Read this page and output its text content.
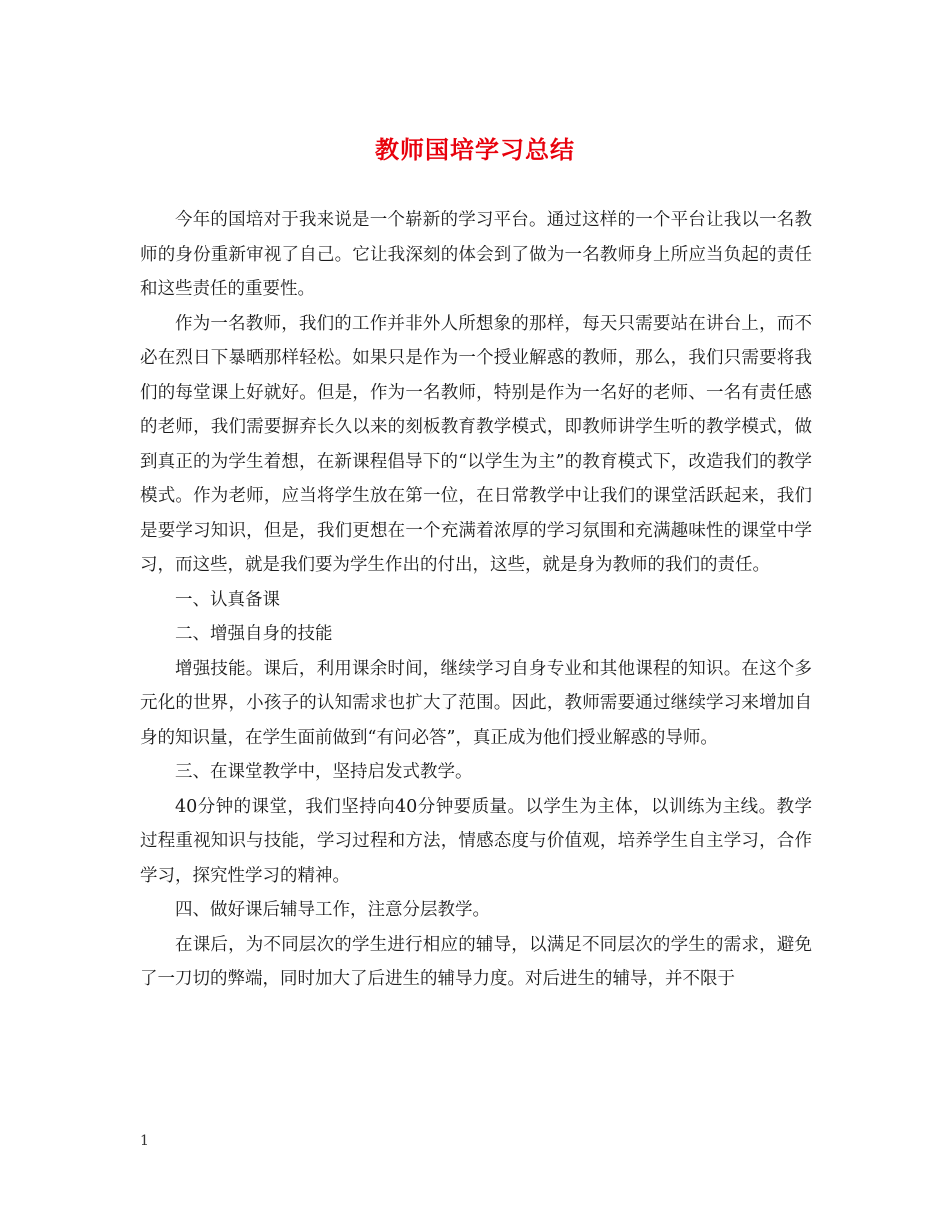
教师国培学习总结

今年的国培对于我来说是一个崭新的学习平台。通过这样的一个平台让我以一名教师的身份重新审视了自己。它让我深刻的体会到了做为一名教师身上所应当负起的责任和这些责任的重要性。

作为一名教师，我们的工作并非外人所想象的那样，每天只需要站在讲台上，而不必在烈日下暴晒那样轻松。如果只是作为一个授业解惑的教师，那么，我们只需要将我们的每堂课上好就好。但是，作为一名教师，特别是作为一名好的老师、一名有责任感的老师，我们需要摒弃长久以来的刻板教育教学模式，即教师讲学生听的教学模式，做到真正的为学生着想，在新课程倡导下的“以学生为主”的教育模式下，改造我们的教学模式。作为老师，应当将学生放在第一位，在日常教学中让我们的课堂活跃起来，我们是要学习知识，但是，我们更想在一个充满着浓厚的学习氛围和充满趣味性的课堂中学习，而这些，就是我们要为学生作出的付出，这些，就是身为教师的我们的责任。

一、认真备课

二、增强自身的技能

增强技能。课后，利用课余时间，继续学习自身专业和其他课程的知识。在这个多元化的世界，小孩子的认知需求也扩大了范围。因此，教师需要通过继续学习来增加自身的知识量，在学生面前做到“有问必答”，真正成为他们授业解惑的导师。

三、在课堂教学中，坚持启发式教学。

40分钟的课堂，我们坚持向40分钟要质量。以学生为主体，以训练为主线。教学过程重视知识与技能，学习过程和方法，情感态度与价值观，培养学生自主学习，合作学习，探究性学习的精神。

四、做好课后辅导工作，注意分层教学。

在课后，为不同层次的学生进行相应的辅导，以满足不同层次的学生的需求，避免了一刀切的弊端，同时加大了后进生的辅导力度。对后进生的辅导，并不限于

1
